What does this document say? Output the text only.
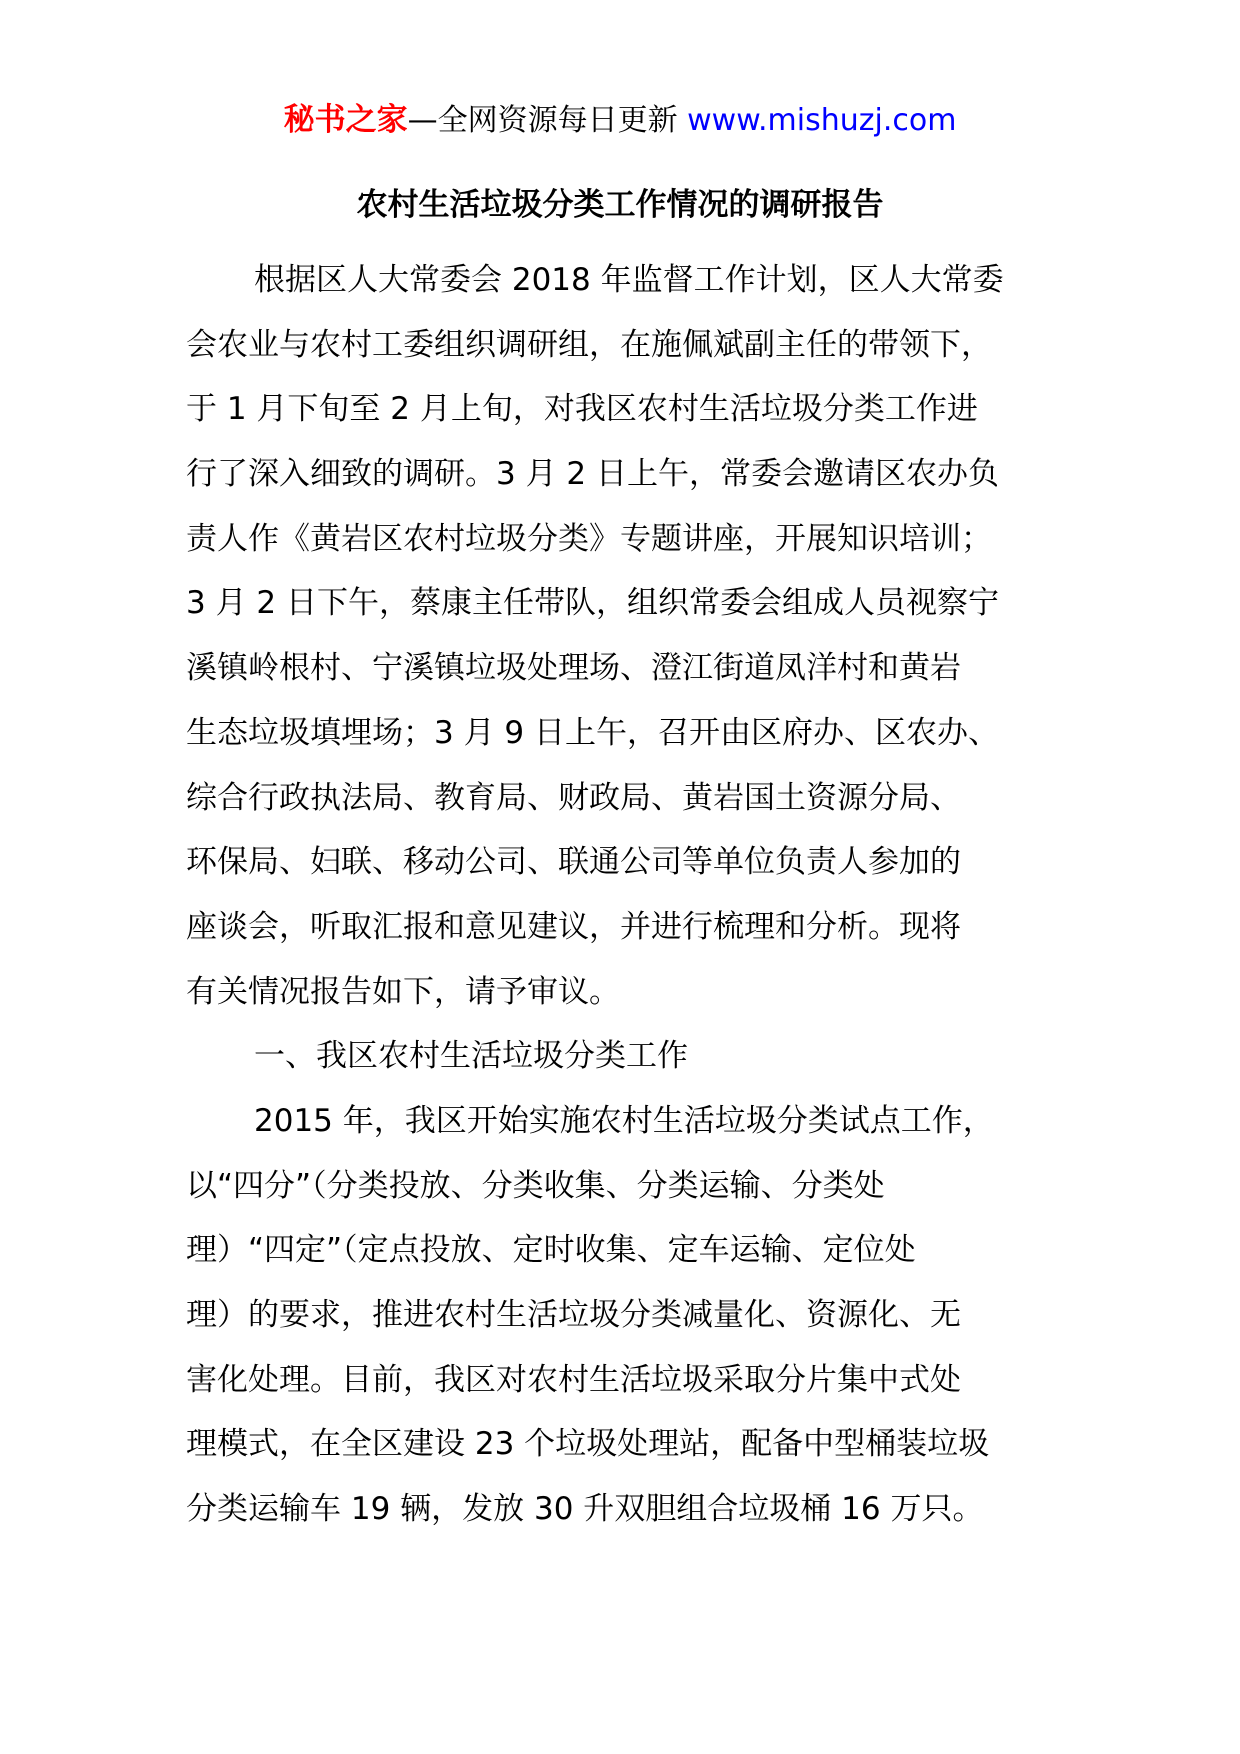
秘书之家—全网资源每日更新 www.mishuzj.com
农村生活垃圾分类工作情况的调研报告
根据区人大常委会 2018 年监督工作计划，区人大常委
会农业与农村工委组织调研组，在施佩斌副主任的带领下，
于 1 月下旬至 2 月上旬，对我区农村生活垃圾分类工作进
行了深入细致的调研。3 月 2 日上午，常委会邀请区农办负
责人作《黄岩区农村垃圾分类》专题讲座，开展知识培训；
3 月 2 日下午，蔡康主任带队，组织常委会组成人员视察宁
溪镇岭根村、宁溪镇垃圾处理场、澄江街道凤洋村和黄岩
生态垃圾填埋场；3 月 9 日上午，召开由区府办、区农办、
综合行政执法局、教育局、财政局、黄岩国土资源分局、
环保局、妇联、移动公司、联通公司等单位负责人参加的
座谈会，听取汇报和意见建议，并进行梳理和分析。现将
有关情况报告如下，请予审议。
一、我区农村生活垃圾分类工作
2015 年，我区开始实施农村生活垃圾分类试点工作，
以“四分”（分类投放、分类收集、分类运输、分类处
理）“四定”（定点投放、定时收集、定车运输、定位处
理）的要求，推进农村生活垃圾分类减量化、资源化、无
害化处理。目前，我区对农村生活垃圾采取分片集中式处
理模式，在全区建设 23 个垃圾处理站，配备中型桶装垃圾
分类运输车 19 辆，发放 30 升双胆组合垃圾桶 16 万只。
